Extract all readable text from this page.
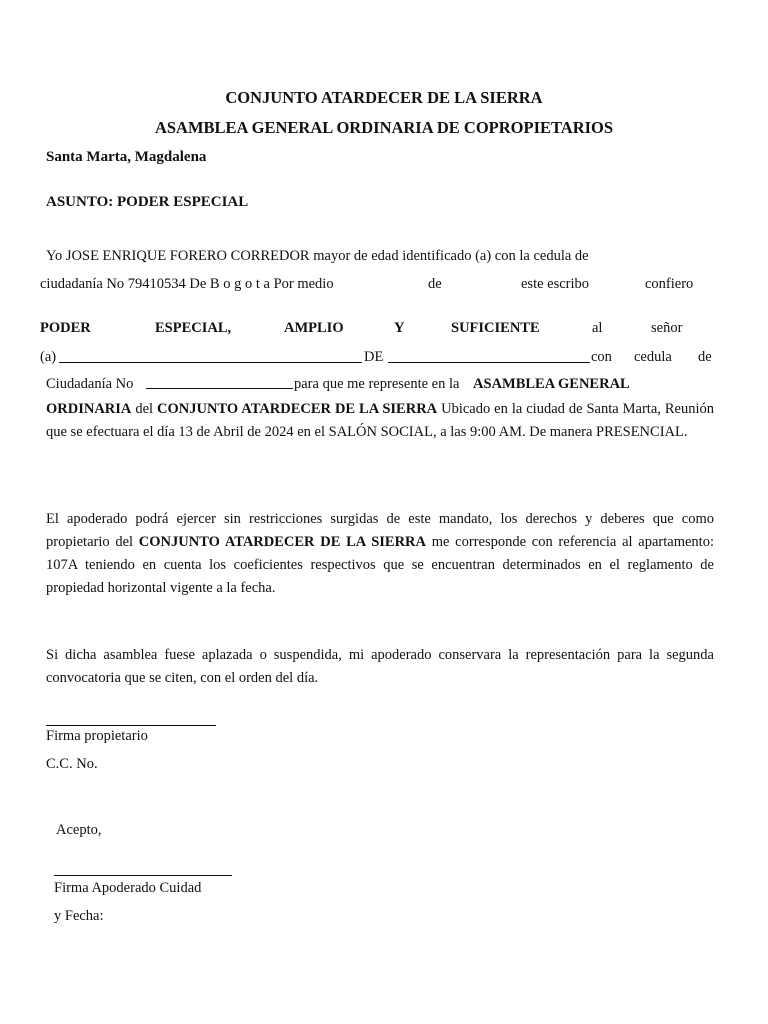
CONJUNTO ATARDECER DE LA SIERRA
ASAMBLEA GENERAL ORDINARIA DE COPROPIETARIOS
Santa Marta, Magdalena
ASUNTO: PODER ESPECIAL
Yo JOSE ENRIQUE FORERO CORREDOR mayor de edad identificado (a) con la cedula de
ciudadanía No 79410534 De B o g o t a Por medio	de	este escribo	confiero
PODER	ESPECIAL,	AMPLIO	Y	SUFICIENTE	al	señor
(a)	DE	con cedula de
Ciudadanía No	para que me represente en la ASAMBLEA GENERAL
ORDINARIA del CONJUNTO ATARDECER DE LA SIERRA Ubicado en la ciudad de Santa Marta, Reunión que se efectuara el día 13 de Abril de 2024 en el SALÓN SOCIAL, a las 9:00 AM. De manera PRESENCIAL.
El apoderado podrá ejercer sin restricciones surgidas de este mandato, los derechos y deberes que como propietario del CONJUNTO ATARDECER DE LA SIERRA me corresponde con referencia al apartamento: 107A teniendo en cuenta los coeficientes respectivos que se encuentran determinados en el reglamento de propiedad horizontal vigente a la fecha.
Si dicha asamblea fuese aplazada o suspendida, mi apoderado conservara la representación para la segunda convocatoria que se citen, con el orden del día.
Firma propietario
C.C. No.
Acepto,
Firma Apoderado Cuidad
y Fecha:
